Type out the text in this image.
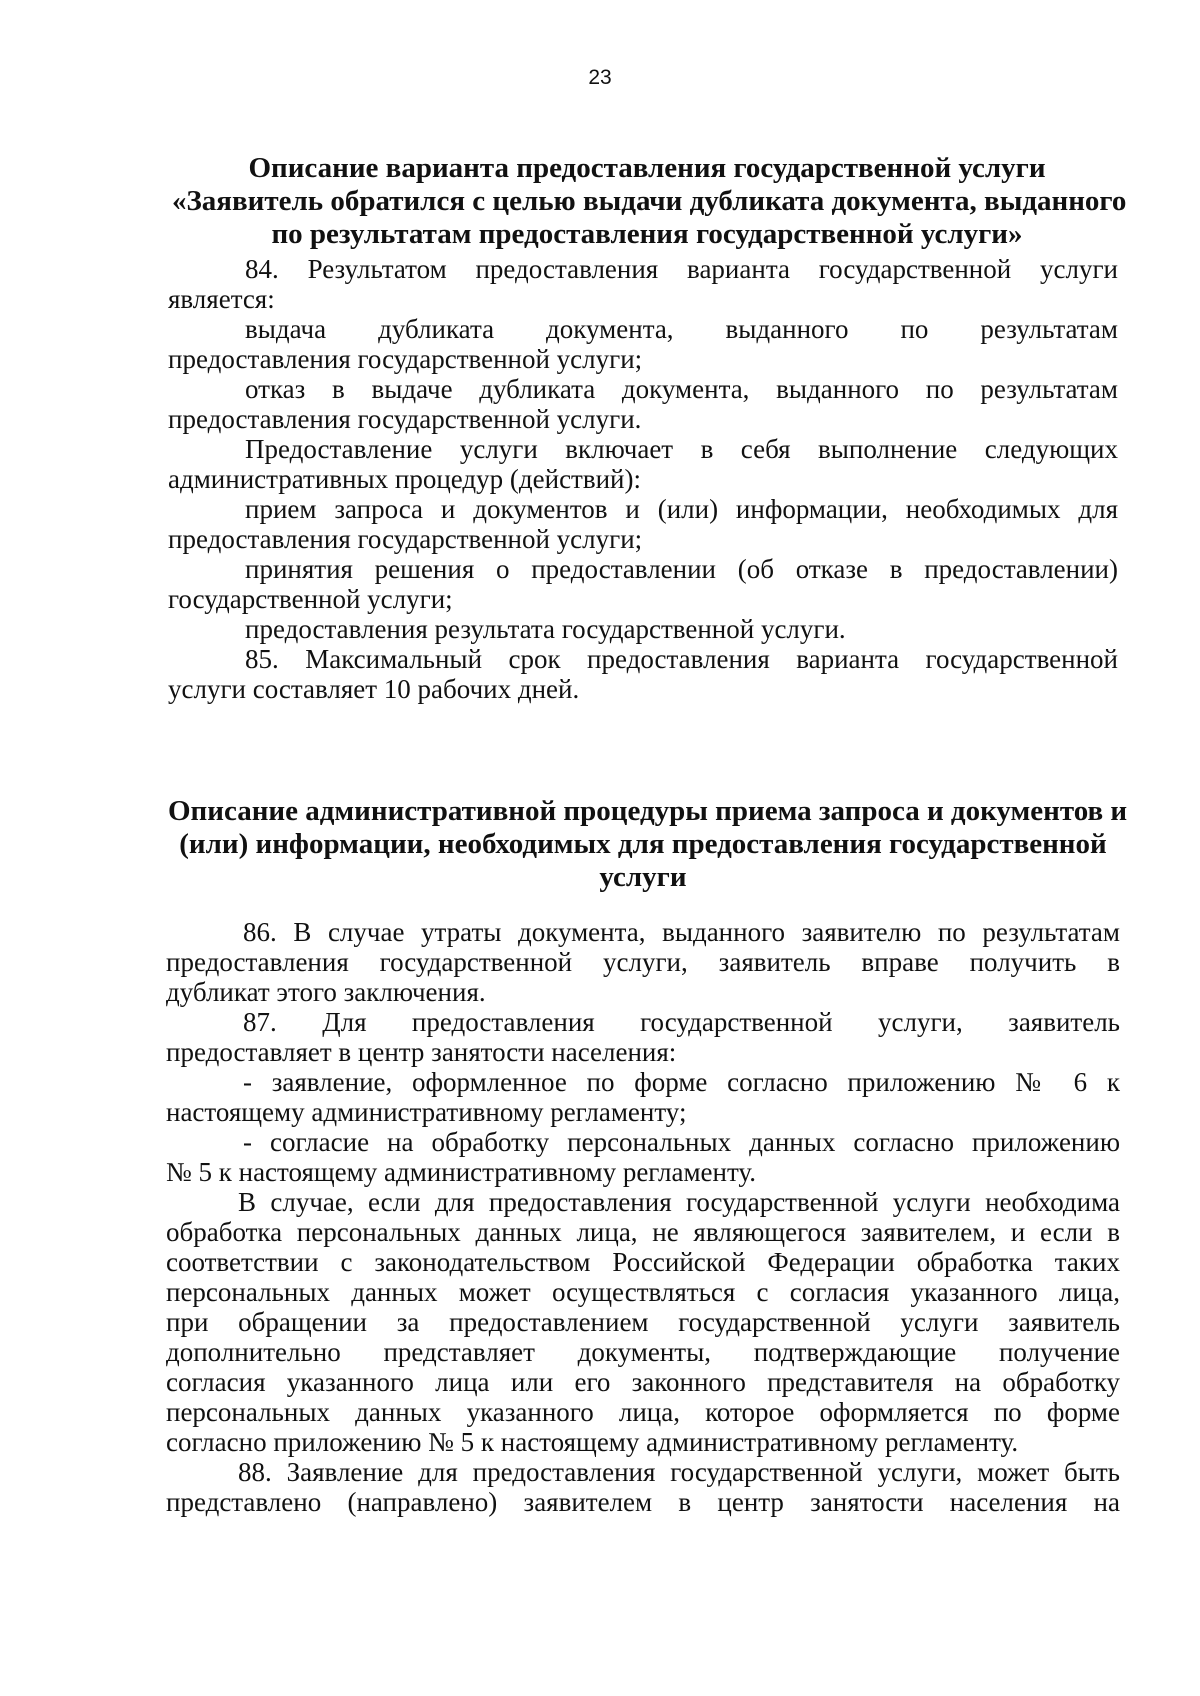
23
Описание варианта предоставления государственной услуги
«Заявитель обратился с целью выдачи дубликата документа, выданного
по результатам предоставления государственной услуги»
84. Результатом предоставления варианта государственной услуги
является:
выдача дубликата документа, выданного по результатам
предоставления государственной услуги;
отказ в выдаче дубликата документа, выданного по результатам
предоставления государственной услуги.
Предоставление услуги включает в себя выполнение следующих
административных процедур (действий):
прием запроса и документов и (или) информации, необходимых для
предоставления государственной услуги;
принятия решения о предоставлении (об отказе в предоставлении)
государственной услуги;
предоставления результата государственной услуги.
85. Максимальный срок предоставления варианта государственной
услуги составляет 10 рабочих дней.
Описание административной процедуры приема запроса и документов и
(или) информации, необходимых для предоставления государственной
услуги
86. В случае утраты документа, выданного заявителю по результатам
предоставления государственной услуги, заявитель вправе получить в
дубликат этого заключения.
87. Для предоставления государственной услуги, заявитель
предоставляет в центр занятости населения:
- заявление, оформленное по форме согласно приложению № 6 к
настоящему административному регламенту;
- согласие на обработку персональных данных согласно приложению
№ 5 к настоящему административному регламенту.
В случае, если для предоставления государственной услуги необходима
обработка персональных данных лица, не являющегося заявителем, и если в
соответствии с законодательством Российской Федерации обработка таких
персональных данных может осуществляться с согласия указанного лица,
при обращении за предоставлением государственной услуги заявитель
дополнительно представляет документы, подтверждающие получение
согласия указанного лица или его законного представителя на обработку
персональных данных указанного лица, которое оформляется по форме
согласно приложению № 5 к настоящему административному регламенту.
88. Заявление для предоставления государственной услуги, может быть
представлено (направлено) заявителем в центр занятости населения на
